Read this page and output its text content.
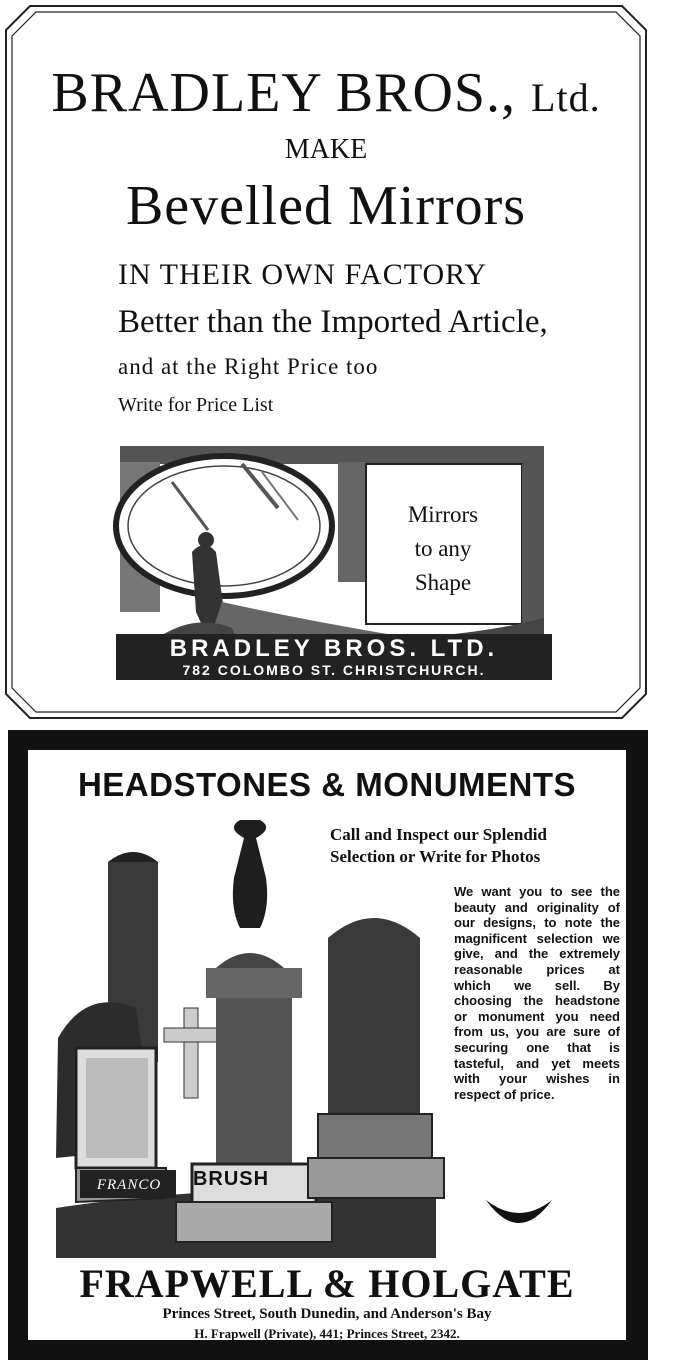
BRADLEY BROS., Ltd.
MAKE
Bevelled Mirrors
IN THEIR OWN FACTORY
Better than the Imported Article,
and at the Right Price too
Write for Price List
Mirrors
to any
Shape
BRADLEY BROS. LTD.
782 COLOMBO ST. CHRISTCHURCH.
HEADSTONES & MONUMENTS
FRANCO	BRUSH
Call and Inspect our Splendid Selection or Write for Photos
We want you to see the beauty and originality of our designs, to note the magnificent selection we give, and the extremely reasonable prices at which we sell. By choosing the headstone or monument you need from us, you are sure of securing one that is tasteful, and yet meets with your wishes in respect of price.
FRAPWELL & HOLGATE
Princes Street, South Dunedin, and Anderson's Bay
H. Frapwell (Private), 441; Princes Street, 2342.
